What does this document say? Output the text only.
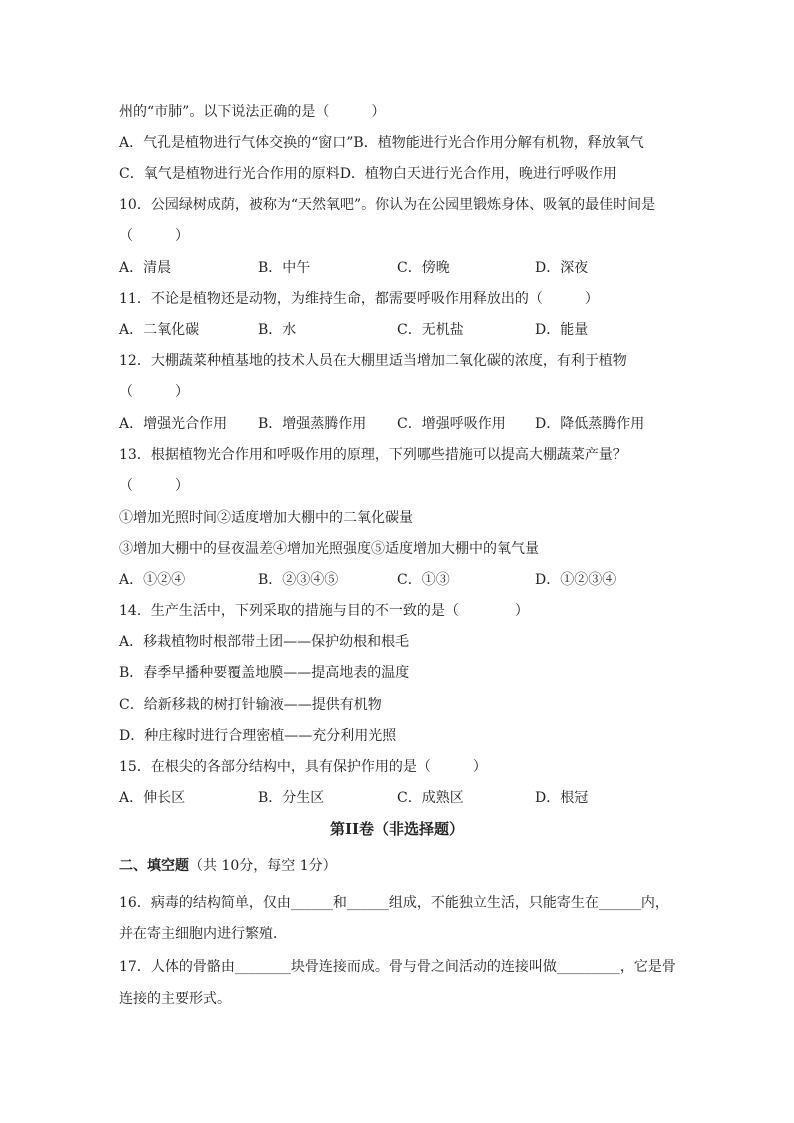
州的“市肺”。以下说法正确的是（　　　）

A．气孔是植物进行气体交换的“窗口”B．植物能进行光合作用分解有机物，释放氧气

C．氧气是植物进行光合作用的原料D．植物白天进行光合作用，晚进行呼吸作用

10．公园绿树成荫，被称为“天然氧吧”。你认为在公园里锻炼身体、吸氧的最佳时间是

（　　　）

A．清晨	B．中午	C．傍晚	D．深夜

11．不论是植物还是动物，为维持生命，都需要呼吸作用释放出的（　　　）

A．二氧化碳	B．水	C．无机盐	D．能量

12．大棚蔬菜种植基地的技术人员在大棚里适当增加二氧化碳的浓度，有利于植物

（　　　）

A．增强光合作用 B．增强蒸腾作用 C．增强呼吸作用 D．降低蒸腾作用

13．根据植物光合作用和呼吸作用的原理，下列哪些措施可以提高大棚蔬菜产量？

（　　　）

①增加光照时间②适度增加大棚中的二氧化碳量

③增加大棚中的昼夜温差④增加光照强度⑤适度增加大棚中的氧气量

A．①②④	B．②③④⑤	C．①③	D．①②③④

14．生产生活中，下列采取的措施与目的不一致的是（　　　　）

A．移栽植物时根部带土团——保护幼根和根毛

B．春季早播种要覆盖地膜——提高地表的温度

C．给新移栽的树打针输液——提供有机物

D．种庄稼时进行合理密植——充分利用光照

15．在根尖的各部分结构中，具有保护作用的是（　　　）

A．伸长区	B．分生区	C．成熟区	D．根冠
第II卷（非选择题）

二、填空题（共 10分，每空 1分）

16．病毒的结构简单，仅由______和______组成，不能独立生活，只能寄生在______内，

并在寄主细胞内进行繁殖．

17．人体的骨骼由________块骨连接而成。骨与骨之间活动的连接叫做_________，它是骨

连接的主要形式。
